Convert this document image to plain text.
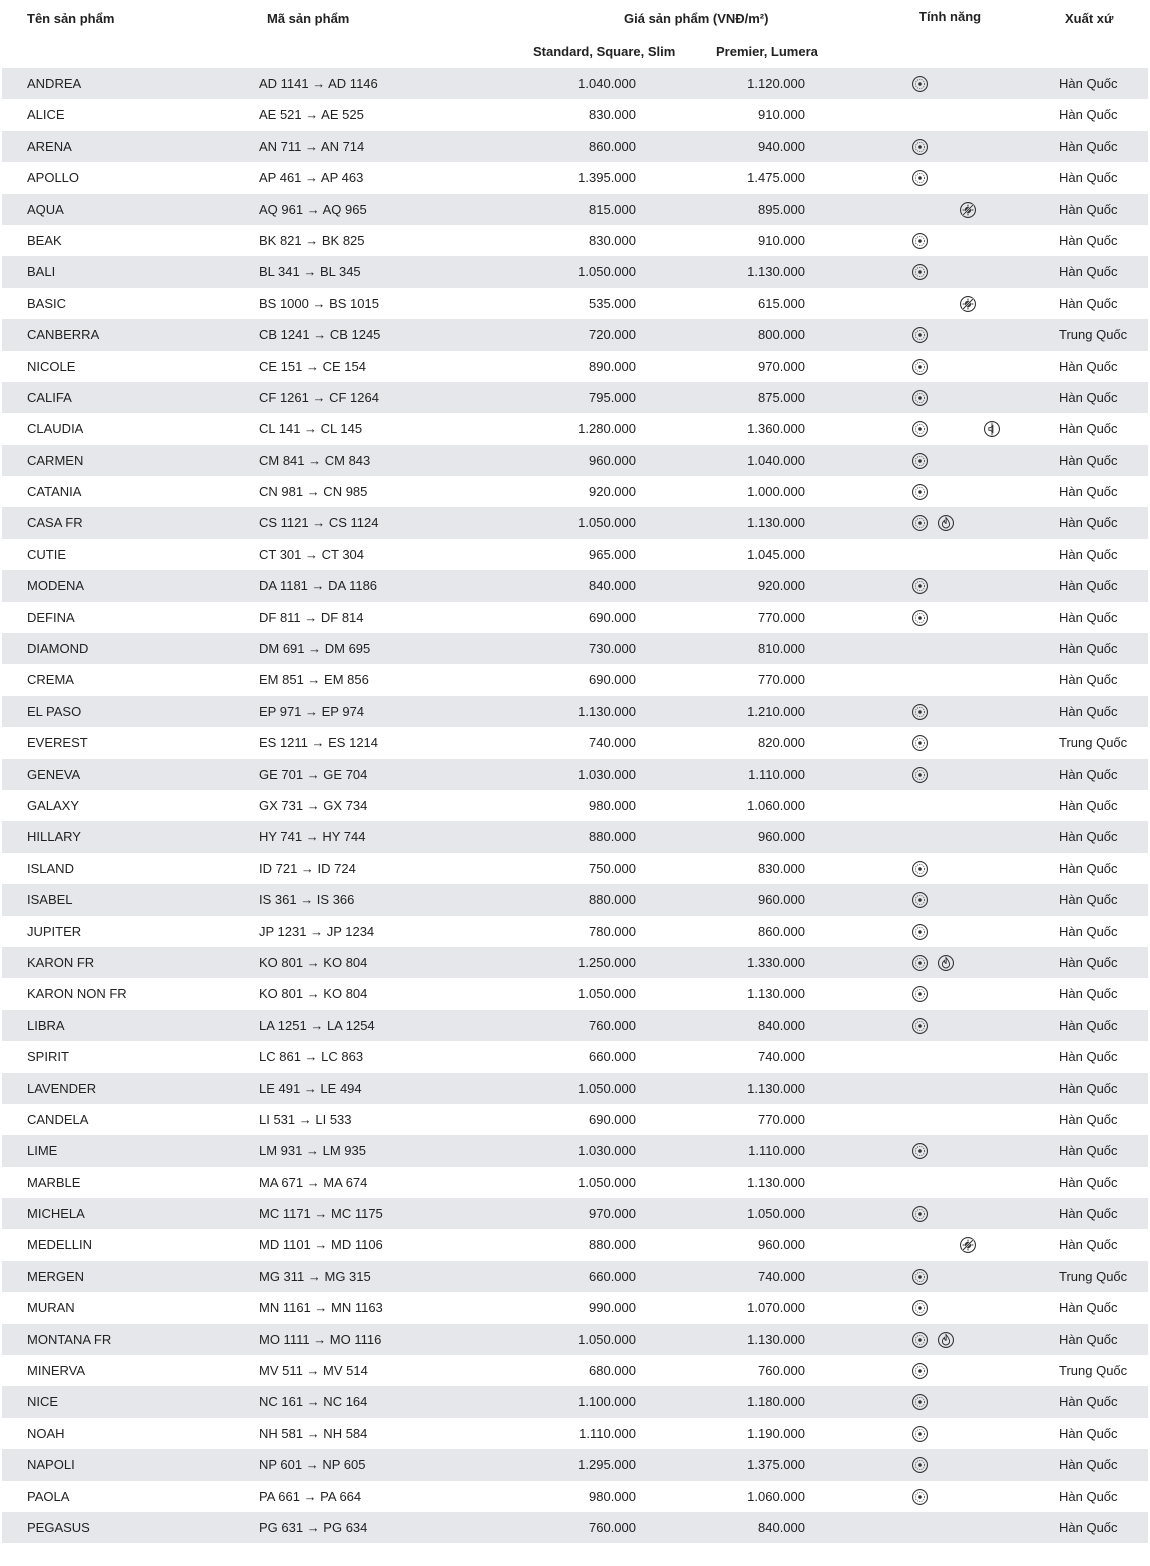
Tên sản phẩm	Mã sản phẩm	Giá sản phẩm (VNĐ/m²)	Tính năng	Xuất xứ
Standard, Square, Slim	Premier, Lumera
ANDREA	AD 1141 → AD 1146	1.040.000	1.120.000	Hàn Quốc
ALICE	AE 521 → AE 525	830.000	910.000	Hàn Quốc
ARENA	AN 711 → AN 714	860.000	940.000	Hàn Quốc
APOLLO	AP 461 → AP 463	1.395.000	1.475.000	Hàn Quốc
AQUA	AQ 961 → AQ 965	815.000	895.000	Hàn Quốc
BEAK	BK 821 → BK 825	830.000	910.000	Hàn Quốc
BALI	BL 341 → BL 345	1.050.000	1.130.000	Hàn Quốc
BASIC	BS 1000 → BS 1015	535.000	615.000	Hàn Quốc
CANBERRA	CB 1241 → CB 1245	720.000	800.000	Trung Quốc
NICOLE	CE 151 → CE 154	890.000	970.000	Hàn Quốc
CALIFA	CF 1261 → CF 1264	795.000	875.000	Hàn Quốc
CLAUDIA	CL 141 → CL 145	1.280.000	1.360.000	Hàn Quốc
CARMEN	CM 841 → CM 843	960.000	1.040.000	Hàn Quốc
CATANIA	CN 981 → CN 985	920.000	1.000.000	Hàn Quốc
CASA FR	CS 1121 → CS 1124	1.050.000	1.130.000	Hàn Quốc
CUTIE	CT 301 → CT 304	965.000	1.045.000	Hàn Quốc
MODENA	DA 1181 → DA 1186	840.000	920.000	Hàn Quốc
DEFINA	DF 811 → DF 814	690.000	770.000	Hàn Quốc
DIAMOND	DM 691 → DM 695	730.000	810.000	Hàn Quốc
CREMA	EM 851 → EM 856	690.000	770.000	Hàn Quốc
EL PASO	EP 971 → EP 974	1.130.000	1.210.000	Hàn Quốc
EVEREST	ES 1211 → ES 1214	740.000	820.000	Trung Quốc
GENEVA	GE 701 → GE 704	1.030.000	1.110.000	Hàn Quốc
GALAXY	GX 731 → GX 734	980.000	1.060.000	Hàn Quốc
HILLARY	HY 741 → HY 744	880.000	960.000	Hàn Quốc
ISLAND	ID 721 → ID 724	750.000	830.000	Hàn Quốc
ISABEL	IS 361 → IS 366	880.000	960.000	Hàn Quốc
JUPITER	JP 1231 → JP 1234	780.000	860.000	Hàn Quốc
KARON FR	KO 801 → KO 804	1.250.000	1.330.000	Hàn Quốc
KARON NON FR	KO 801 → KO 804	1.050.000	1.130.000	Hàn Quốc
LIBRA	LA 1251 → LA 1254	760.000	840.000	Hàn Quốc
SPIRIT	LC 861 → LC 863	660.000	740.000	Hàn Quốc
LAVENDER	LE 491 → LE 494	1.050.000	1.130.000	Hàn Quốc
CANDELA	LI 531 → LI 533	690.000	770.000	Hàn Quốc
LIME	LM 931 → LM 935	1.030.000	1.110.000	Hàn Quốc
MARBLE	MA 671 → MA 674	1.050.000	1.130.000	Hàn Quốc
MICHELA	MC 1171 → MC 1175	970.000	1.050.000	Hàn Quốc
MEDELLIN	MD 1101 → MD 1106	880.000	960.000	Hàn Quốc
MERGEN	MG 311 → MG 315	660.000	740.000	Trung Quốc
MURAN	MN 1161 → MN 1163	990.000	1.070.000	Hàn Quốc
MONTANA FR	MO 1111 → MO 1116	1.050.000	1.130.000	Hàn Quốc
MINERVA	MV 511 → MV 514	680.000	760.000	Trung Quốc
NICE	NC 161 → NC 164	1.100.000	1.180.000	Hàn Quốc
NOAH	NH 581 → NH 584	1.110.000	1.190.000	Hàn Quốc
NAPOLI	NP 601 → NP 605	1.295.000	1.375.000	Hàn Quốc
PAOLA	PA 661 → PA 664	980.000	1.060.000	Hàn Quốc
PEGASUS	PG 631 → PG 634	760.000	840.000	Hàn Quốc
